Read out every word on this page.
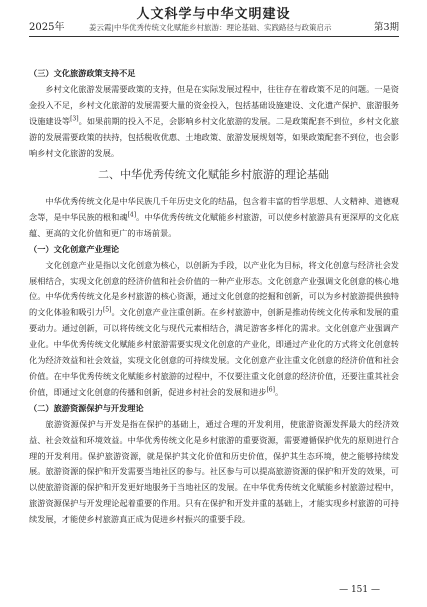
人文科学与中华文明建设
2025年	姜云霞|中华优秀传统文化赋能乡村旅游：理论基础、实践路径与政策启示	第3期

（三）文化旅游政策支持不足

乡村文化旅游发展需要政策的支持，但是在实际发展过程中，往往存在着政策不足的问题。一是资金投入不足，乡村文化旅游的发展需要大量的资金投入，包括基础设施建设、文化遗产保护、旅游服务设施建设等[3]。如果前期的投入不足，会影响乡村文化旅游的发展。二是政策配套不到位，乡村文化旅游的发展需要政策的扶持，包括税收优惠、土地政策、旅游发展规划等，如果政策配套不到位，也会影响乡村文化旅游的发展。

二、中华优秀传统文化赋能乡村旅游的理论基础

中华优秀传统文化是中华民族几千年历史文化的结晶，包含着丰富的哲学思想、人文精神、道德观念等，是中华民族的根和魂[4]。中华优秀传统文化赋能乡村旅游，可以使乡村旅游具有更深厚的文化底蕴、更高的文化价值和更广的市场前景。

（一）文化创意产业理论

文化创意产业是指以文化创意为核心，以创新为手段，以产业化为目标，将文化创意与经济社会发展相结合，实现文化创意的经济价值和社会价值的一种产业形态。文化创意产业强调文化创意的核心地位。中华优秀传统文化是乡村旅游的核心资源，通过文化创意的挖掘和创新，可以为乡村旅游提供独特的文化体验和吸引力[5]。文化创意产业注重创新。在乡村旅游中，创新是推动传统文化传承和发展的重要动力。通过创新，可以将传统文化与现代元素相结合，满足游客多样化的需求。文化创意产业强调产业化。中华优秀传统文化赋能乡村旅游需要实现文化创意的产业化，即通过产业化的方式将文化创意转化为经济效益和社会效益，实现文化创意的可持续发展。文化创意产业注重文化创意的经济价值和社会价值。在中华优秀传统文化赋能乡村旅游的过程中，不仅要注重文化创意的经济价值，还要注重其社会价值，即通过文化创意的传播和创新，促进乡村社会的发展和进步[6]。

（二）旅游资源保护与开发理论

旅游资源保护与开发是指在保护的基础上，通过合理的开发利用，使旅游资源发挥最大的经济效益、社会效益和环境效益。中华优秀传统文化是乡村旅游的重要资源，需要遵循保护优先的原则进行合理的开发利用。保护旅游资源，就是保护其文化价值和历史价值，保护其生态环境，使之能够持续发展。旅游资源的保护和开发需要当地社区的参与。社区参与可以提高旅游资源的保护和开发的效果，可以使旅游资源的保护和开发更好地服务于当地社区的发展。在中华优秀传统文化赋能乡村旅游过程中，旅游资源保护与开发理论起着重要的作用。只有在保护和开发并重的基础上，才能实现乡村旅游的可持续发展，才能使乡村旅游真正成为促进乡村振兴的重要手段。

— 151 —
